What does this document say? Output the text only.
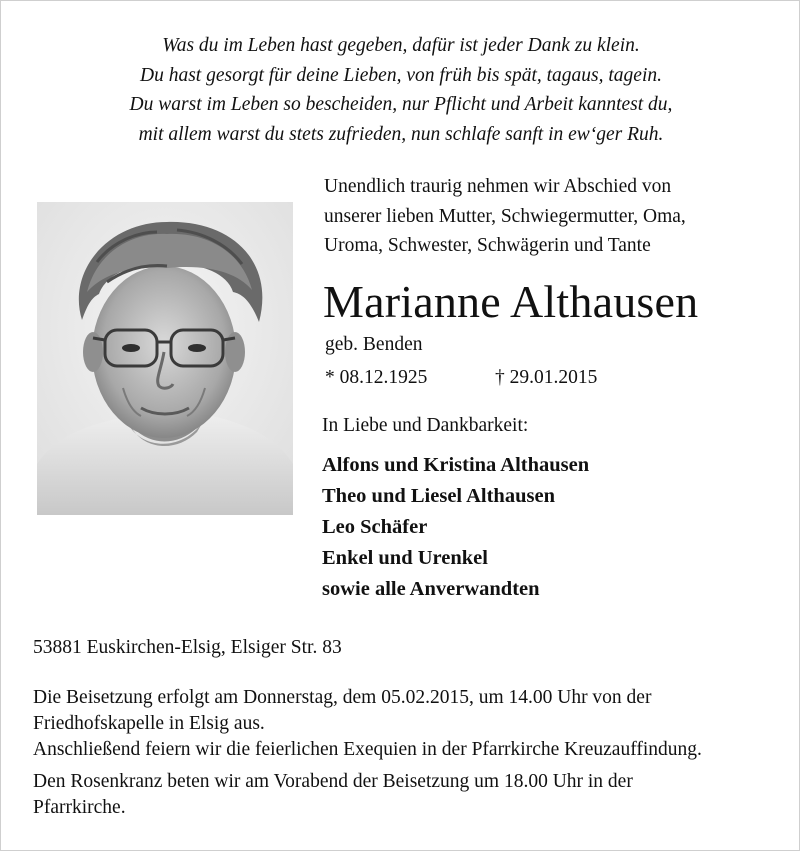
Was du im Leben hast gegeben, dafür ist jeder Dank zu klein.
Du hast gesorgt für deine Lieben, von früh bis spät, tagaus, tagein.
Du warst im Leben so bescheiden, nur Pflicht und Arbeit kanntest du,
mit allem warst du stets zufrieden, nun schlafe sanft in ew‘ger Ruh.
Unendlich traurig nehmen wir Abschied von
unserer lieben Mutter, Schwiegermutter, Oma,
Uroma, Schwester, Schwägerin und Tante
Marianne Althausen
geb. Benden
* 08.12.1925	† 29.01.2015
In Liebe und Dankbarkeit:
Alfons und Kristina Althausen
Theo und Liesel Althausen
Leo Schäfer
Enkel und Urenkel
sowie alle Anverwandten
53881 Euskirchen-Elsig, Elsiger Str. 83
Die Beisetzung erfolgt am Donnerstag, dem 05.02.2015, um 14.00 Uhr von der
Friedhofskapelle in Elsig aus.
Anschließend feiern wir die feierlichen Exequien in der Pfarrkirche Kreuzauffindung.
Den Rosenkranz beten wir am Vorabend der Beisetzung um 18.00 Uhr in der
Pfarrkirche.
